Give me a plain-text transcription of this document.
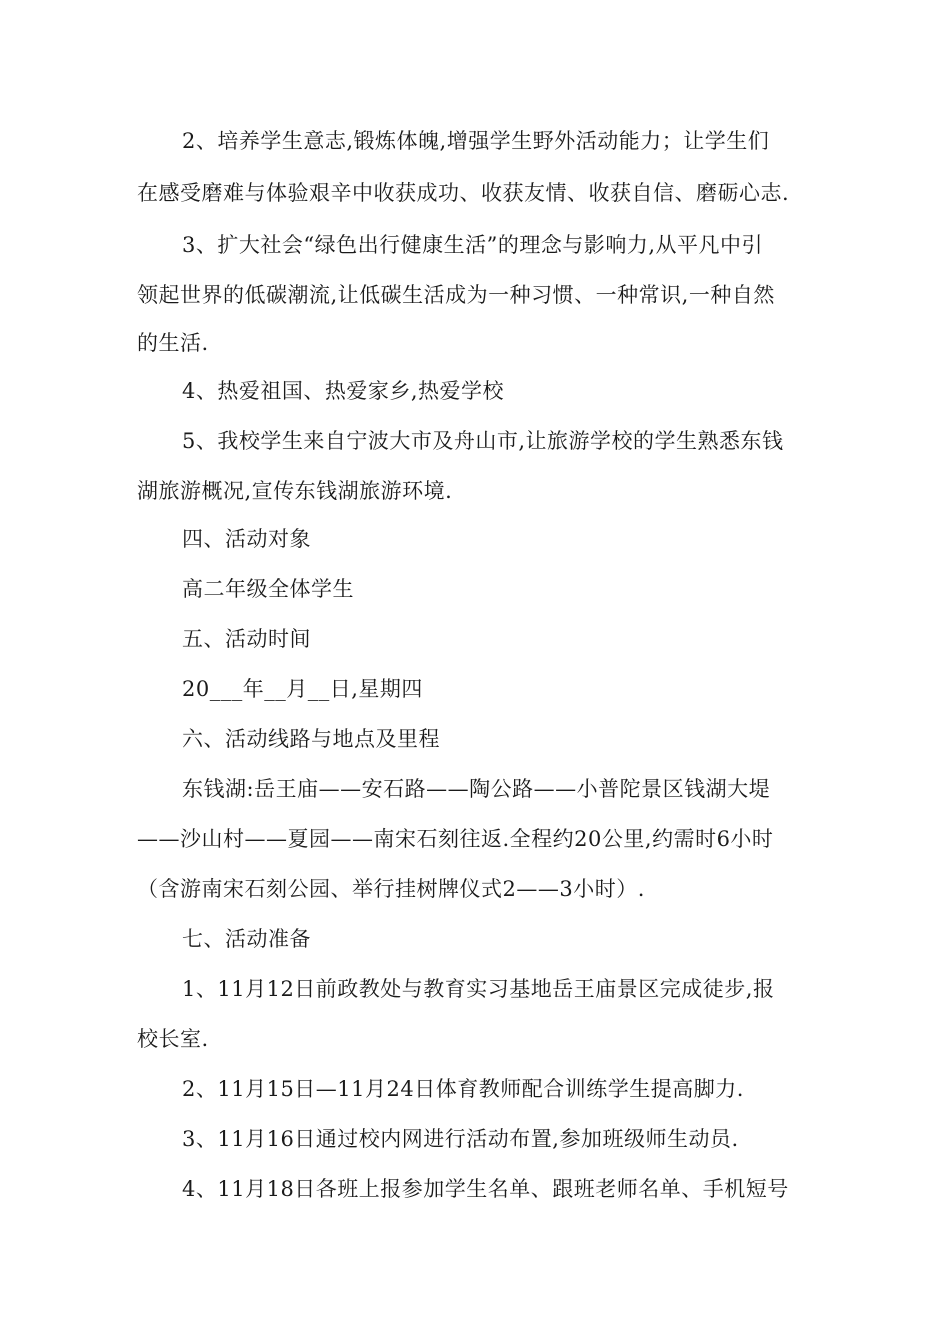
2、培养学生意志,锻炼体魄,增强学生野外活动能力；让学生们
在感受磨难与体验艰辛中收获成功、收获友情、收获自信、磨砺心志.
3、扩大社会“绿色出行健康生活”的理念与影响力,从平凡中引
领起世界的低碳潮流,让低碳生活成为一种习惯、一种常识,一种自然
的生活.
4、热爱祖国、热爱家乡,热爱学校
5、我校学生来自宁波大市及舟山市,让旅游学校的学生熟悉东钱
湖旅游概况,宣传东钱湖旅游环境.
四、活动对象
高二年级全体学生
五、活动时间
20___年__月__日,星期四
六、活动线路与地点及里程
东钱湖:岳王庙——安石路——陶公路——小普陀景区钱湖大堤
——沙山村——夏园——南宋石刻往返.全程约20公里,约需时6小时
（含游南宋石刻公园、举行挂树牌仪式2——3小时）.
七、活动准备
1、11月12日前政教处与教育实习基地岳王庙景区完成徒步,报
校长室.
2、11月15日—11月24日体育教师配合训练学生提高脚力.
3、11月16日通过校内网进行活动布置,参加班级师生动员.
4、11月18日各班上报参加学生名单、跟班老师名单、手机短号
